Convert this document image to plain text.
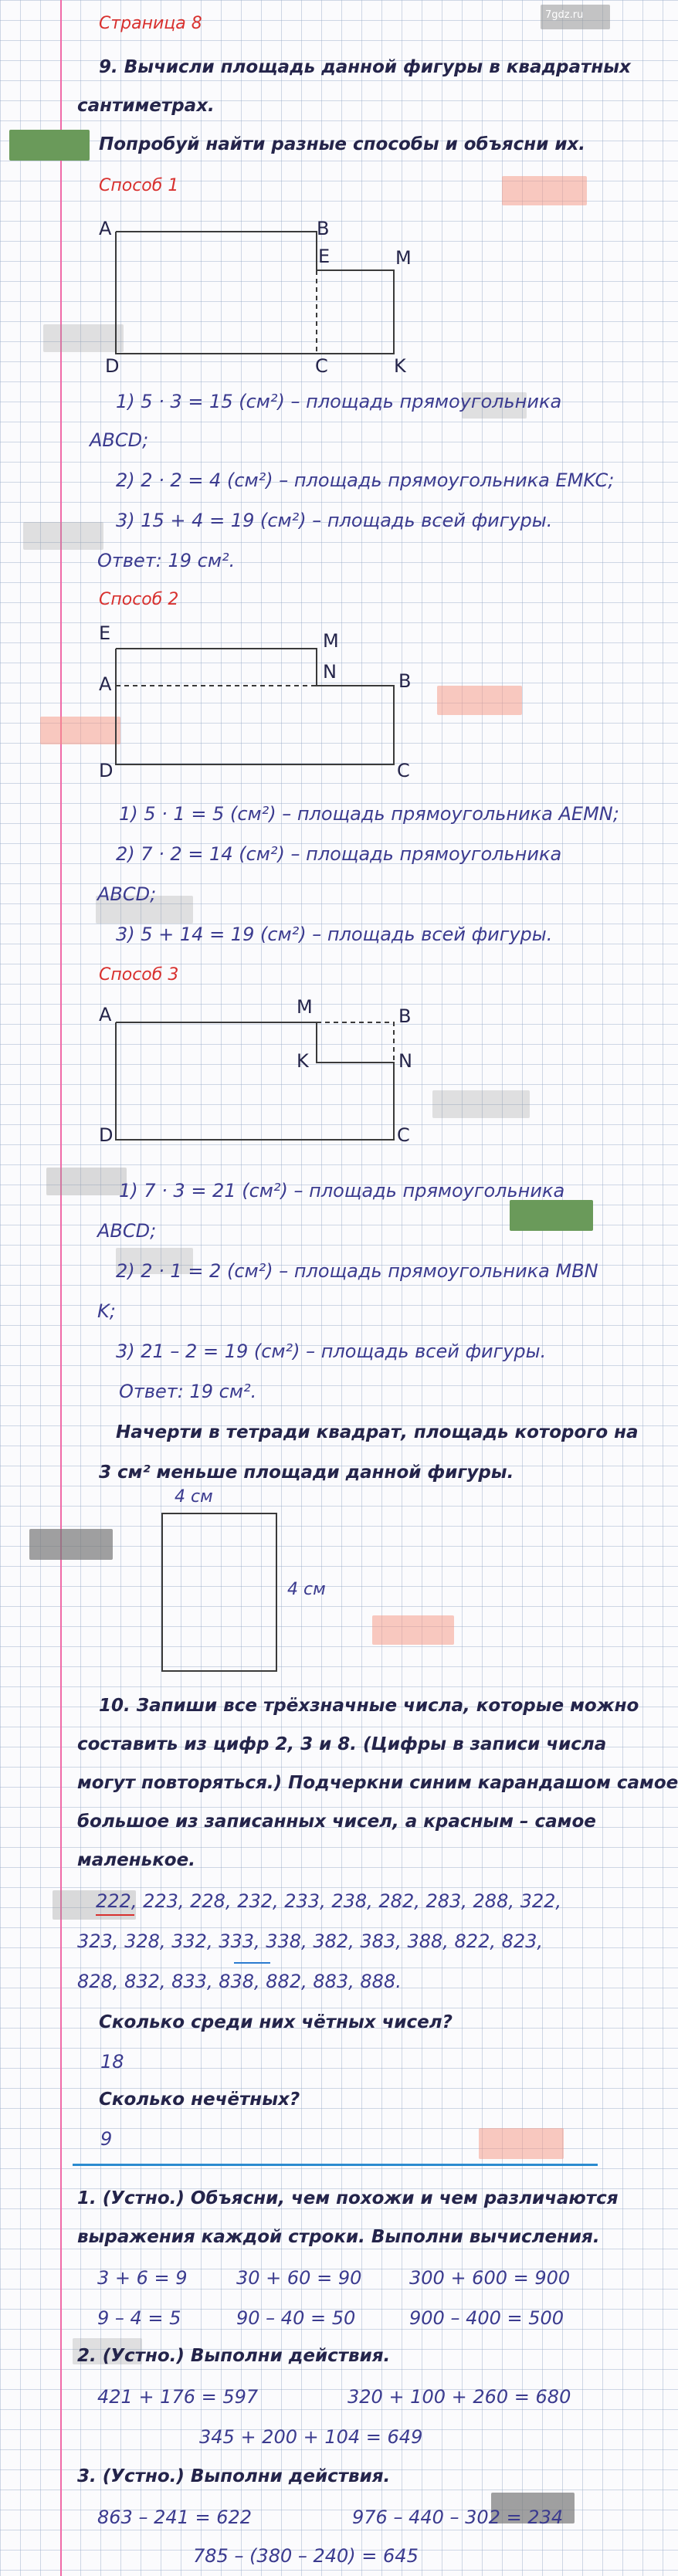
7gdz.ru
Страница 8
9. Вычисли площадь данной фигуры в квадратных
сантиметрах.
Попробуй найти разные способы и объясни их.
Способ 1
A	B
E	M
D	C	K
1) 5 · 3 = 15 (см²) – площадь прямоугольника
ABCD;
2) 2 · 2 = 4 (см²) – площадь прямоугольника EMKC;
3) 15 + 4 = 19 (см²) – площадь всей фигуры.
Ответ: 19 см².
Способ 2
E	M
A
N	B
D	C
1) 5 · 1 = 5 (см²) – площадь прямоугольника AEMN;
2) 7 · 2 = 14 (см²) – площадь прямоугольника
ABCD;
3) 5 + 14 = 19 (см²) – площадь всей фигуры.
Способ 3
A	M	B
K	N
D	C
1) 7 · 3 = 21 (см²) – площадь прямоугольника
ABCD;
2) 2 · 1 = 2 (см²) – площадь прямоугольника MBN
K;
3) 21 – 2 = 19 (см²) – площадь всей фигуры.
Ответ: 19 см².
Начерти в тетради квадрат, площадь которого на
3 см² меньше площади данной фигуры.
4 см
4 см
10. Запиши все трёхзначные числа, которые можно
составить из цифр 2, 3 и 8. (Цифры в записи числа
могут повторяться.) Подчеркни синим карандашом самое
большое из записанных чисел, а красным – самое
маленькое.
222, 223, 228, 232, 233, 238, 282, 283, 288, 322,
323, 328, 332, 333, 338, 382, 383, 388, 822, 823,
828, 832, 833, 838, 882, 883, 888.
Сколько среди них чётных чисел?
18
Сколько нечётных?
9
1. (Устно.) Объясни, чем похожи и чем различаются
выражения каждой строки. Выполни вычисления.
3 + 6 = 9	30 + 60 = 90	300 + 600 = 900
9 – 4 = 5	90 – 40 = 50	900 – 400 = 500
2. (Устно.) Выполни действия.
421 + 176 = 597	320 + 100 + 260 = 680
345 + 200 + 104 = 649
3. (Устно.) Выполни действия.
863 – 241 = 622	976 – 440 – 302 = 234
785 – (380 – 240) = 645
